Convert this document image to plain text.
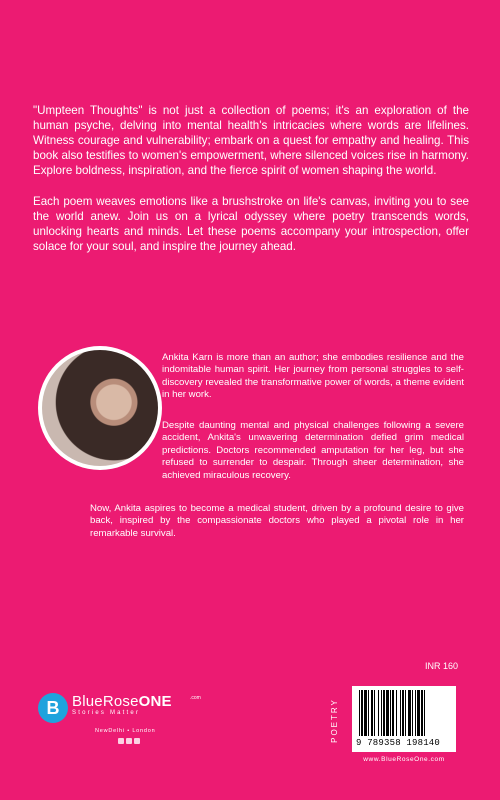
"Umpteen Thoughts" is not just a collection of poems; it's an exploration of the human psyche, delving into mental health's intricacies where words are lifelines. Witness courage and vulnerability; embark on a quest for empathy and healing. This book also testifies to women's empowerment, where silenced voices rise in harmony. Explore boldness, inspiration, and the fierce spirit of women shaping the world.

Each poem weaves emotions like a brushstroke on life's canvas, inviting you to see the world anew. Join us on a lyrical odyssey where poetry transcends words, unlocking hearts and minds. Let these poems accompany your introspection, offer solace for your soul, and inspire the journey ahead.

Ankita Karn is more than an author; she embodies resilience and the indomitable human spirit. Her journey from personal struggles to self-discovery revealed the transformative power of words, a theme evident in her work.

Despite daunting mental and physical challenges following a severe accident, Ankita's unwavering determination defied grim medical predictions. Doctors recommended amputation for her leg, but she refused to surrender to despair. Through sheer determination, she achieved miraculous recovery.

Now, Ankita aspires to become a medical student, driven by a profound desire to give back, inspired by the compassionate doctors who played a pivotal role in her remarkable survival.

B BlueRoseONE	.com
Stories Matter
NewDelhi • London
INR 160
POETRY
9 789358 198140
www.BlueRoseOne.com
